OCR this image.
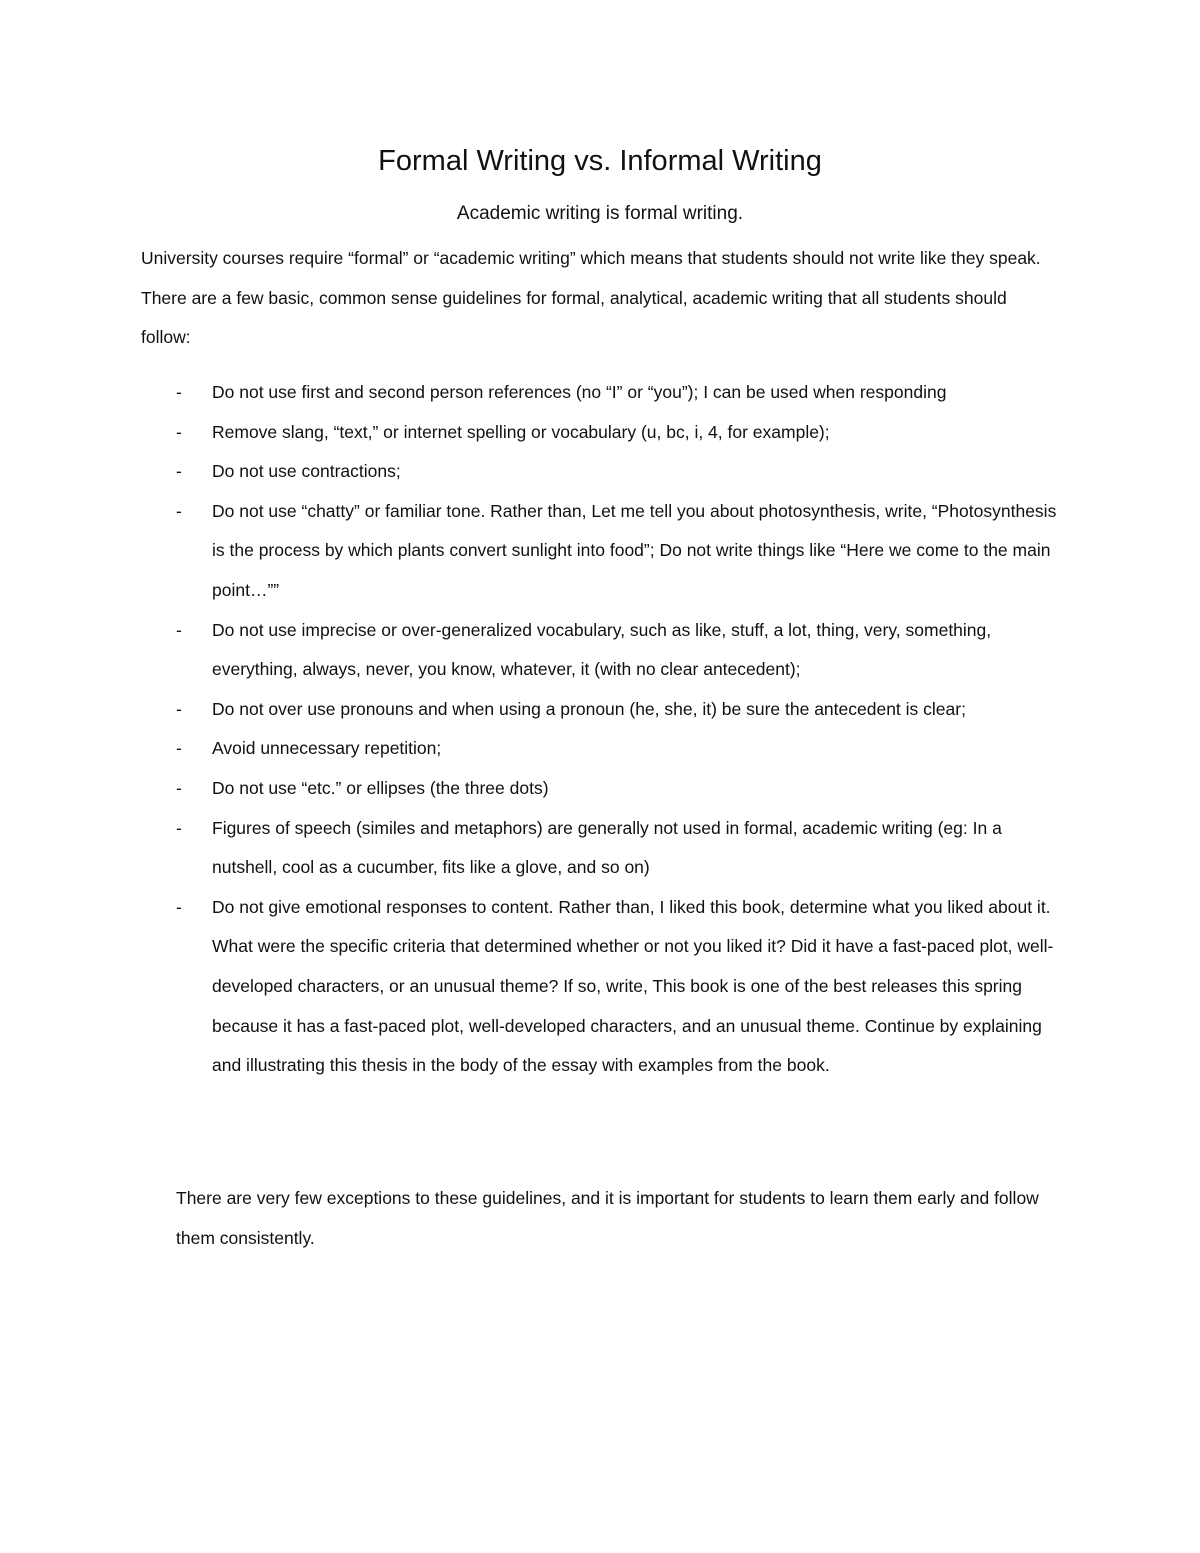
Formal Writing vs. Informal Writing
Academic writing is formal writing.

University courses require “formal” or “academic writing” which means that students should not write like they speak. There are a few basic, common sense guidelines for formal, analytical, academic writing that all students should follow:

-	Do not use first and second person references (no “I” or “you”); I can be used when responding
-	Remove slang, “text,” or internet spelling or vocabulary (u, bc, i, 4, for example);
-	Do not use contractions;
-	Do not use “chatty” or familiar tone. Rather than, Let me tell you about photosynthesis, write, “Photosynthesis is the process by which plants convert sunlight into food”; Do not write things like “Here we come to the main point…””
-	Do not use imprecise or over-generalized vocabulary, such as like, stuff, a lot, thing, very, something, everything, always, never, you know, whatever, it (with no clear antecedent);
-	Do not over use pronouns and when using a pronoun (he, she, it) be sure the antecedent is clear;
-	Avoid unnecessary repetition;
-	Do not use “etc.” or ellipses (the three dots)
-	Figures of speech (similes and metaphors) are generally not used in formal, academic writing (eg: In a nutshell, cool as a cucumber, fits like a glove, and so on)
-	Do not give emotional responses to content. Rather than, I liked this book, determine what you liked about it. What were the specific criteria that determined whether or not you liked it? Did it have a fast-paced plot, well-developed characters, or an unusual theme? If so, write, This book is one of the best releases this spring because it has a fast-paced plot, well-developed characters, and an unusual theme. Continue by explaining and illustrating this thesis in the body of the essay with examples from the book.

There are very few exceptions to these guidelines, and it is important for students to learn them early and follow them consistently.
